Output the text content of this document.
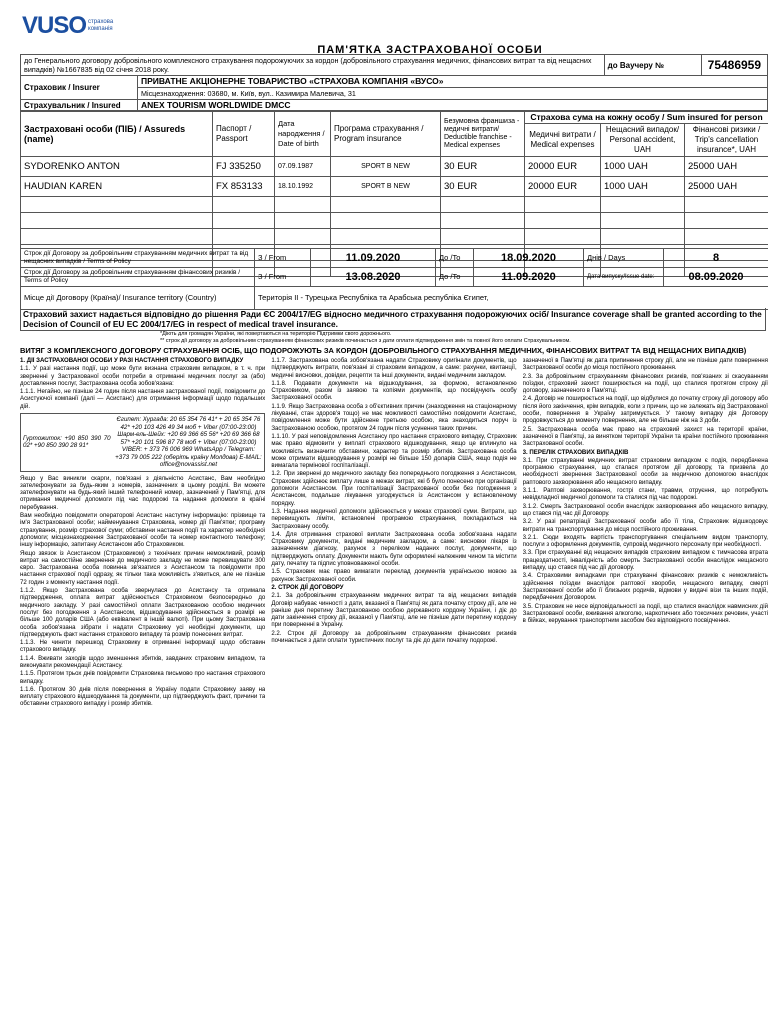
VUSO страхова компанія
ПАМ'ЯТКА ЗАСТРАХОВАНОЇ ОСОБИ
до Генерального договору добровільного комплексного страхування подорожуючих за кордон (добровільного страхування медичних, фінансових витрат та від нещасних випадків) №1667835 від 02 січня 2018 року.		до Ваучеру №	75486959
Страховик / Insurer	ПРИВАТНЕ АКЦІОНЕРНЕ ТОВАРИСТВО «СТРАХОВА КОМПАНІЯ «ВУСО»		
	Місцезнаходження: 03680, м. Київ, вул.. Казимира Малевича, 31		
Страхувальник / Insured	ANEX TOURISM WORLDWIDE DMCC		
Застраховані особи (ПІБ) / Assureds (name)	Паспорт / Passport	Дата народження / Date of birth	Програма страхування / Program insurance	Безумовна франшиза - медичні витрати/ Deductible franchise - Medical expenses	Страхова сума на кожну особу / Sum insured for person		
					Медичні витрати / Medical expenses	Нещасний випадок/ Personal accident, UAH	Фінансові ризики / Trip's cancellation insurance*, UAH
SYDORENKO ANTON	FJ 335250	07.09.1987	SPORT B NEW	30 EUR	20000 EUR	1000 UAH	25000 UAH
HAUDIAN KAREN	FX 853133	18.10.1992	SPORT B NEW	30 EUR	20000 EUR	1000 UAH	25000 UAH

Строк дії Договору за добровільним страхуванням медичних витрат та від нещасних випадків / Terms of Policy	З / From	11.09.2020	До /To	18.09.2020	Днів / Days	8
Строк дії Договору за добровільним страхуванням фінансових ризиків / Terms of Policy	З / From	13.08.2020	До /To	11.09.2020	Дата випуску/Issue date:	08.09.2020
Місце дії Договору (Країна)/ Insurance territory (Country)	Територія ІІ - Турецька Республіка та Арабська республіка Єгипет,					
Страховий захист надається відповідно до рішення Ради ЄС 2004/17/EG відносно медичного страхування подорожуючих осіб/ Insurance coverage shall be granted according to the Decision of Council of EU EC 2004/17/EG in respect of medical travel insurance.
*Діють для громадян України, які повертаються на територію Підтримки свого дорожнього.
** строк дії договору за добровільним страхуванням фінансових ризиків починається з дати оплати підтвердження змін та повної його оплати Страхувальником.
ВИТЯГ З КОМПЛЕКСНОГО ДОГОВОРУ СТРАХУВАННЯ ОСІБ, ЩО ПОДОРОЖУЮТЬ ЗА КОРДОН (ДОБРОВІЛЬНОГО СТРАХУВАННЯ МЕДИЧНИХ, ФІНАНСОВИХ ВИТРАТ ТА ВІД НЕЩАСНИХ ВИПАДКІВ)

1. ДІЇ ЗАСТРАХОВАНОЇ ОСОБИ У РАЗІ НАСТАННЯ СТРАХОВОГО ВИПАДКУ

1.1. У разі настання події, що може бути визнана страховим випадком, в т. ч. при зверненні у Застрахованої особи потреби в отриманні медичних послуг за (або) доставлення послуг, Застрахована особа зобов'язана:

1.1.1. Негайно, не пізніше 24 годин після настання застрахованої події, повідомити до Асистуючої компанії (далі — Асистанс) для отримання інформації щодо подальших дій.

Гуртожиток: +90 850 390 70 02* +90 850 390 28 91*
Єгипет: Хургада: 20 65 354 76 41* + 20 65 354 76 42* +20 103 426 49 34 моб + Viber (07:00-23:00) Шарм-ель-Шейх: +20 69 366 65 56* +20 69 366 68 57* +20 101 596 87 78 моб + Viber (07:00-23:00) VIBER: + 373 76 006 969 WhatsApp / Telegram: +373 79 005 222 (оберіть країну Молдова) E-MAIL: office@novassist.net

Якщо у Вас виникли скарги, пов'язані з діяльністю Асистанс, Вам необхідно зателефонувати за будь-яким з номерів, зазначених в цьому розділі. Ви можете зателефонувати на будь-який інший телефонний номер, зазначений у Пам'ятці, для отримання медичної допомоги під час подорожі та надання допомоги в країні перебування.

Вам необхідно повідомити операторові Асистанс наступну інформацію: прізвище та ім'я Застрахованої особи; найменування Страховика, номер дії Пам'ятки; програму страхування, розмір страхової суми; обставини настання події та характер необхідної допомоги; місцезнаходження Застрахованої особи та номер контактного телефону; іншу інформацію, запитану Асистансом або Страховиком.

Якщо звязок із Асистансом (Страховиком) з технічних причин неможливий, розмір витрат на самостійне звернення до медичного закладу не може перевищувати 300 євро. Застрахована особа повинна зв'язатися з Асистансом та повідомити про настання страхової події одразу, як тільки така можливість з'явиться, але не пізніше 72 годин з моменту настання події.

1.1.2. Якщо Застрахована особа звернулася до Асистансу та отримала підтвердження, оплата витрат здійснюється Страховиком безпосередньо до медичного закладу. У разі самостійної оплати Застрахованою особою медичних послуг без погодження з Асистансом, відшкодування здійснюється в розмірі не більше 100 доларів США (або еквівалент в іншій валюті). При цьому Застрахована особа зобов'язана зібрати і надати Страховику усі необхідні документи, що підтверджують факт настання страхового випадку та розмір понесених витрат.

1.1.3. Не чинити перешкод Страховику в отриманні інформації щодо обставин страхового випадку.

1.1.4. Вживати заходів щодо зменшення збитків, завданих страховим випадком, та виконувати рекомендації Асистансу.

1.1.5. Протягом трьох днів повідомити Страховика письмово про настання страхового випадку.

1.1.6. Протягом 30 днів після повернення в Україну подати Страховику заяву на виплату страхового відшкодування та документи, що підтверджують факт, причини та обставини страхового випадку і розмір збитків.

1.1.7. Застрахована особа зобов'язана надати Страховику оригінали документів, що підтверджують витрати, пов'язані зі страховим випадком, а саме: рахунки, квитанції, медичні висновки, довідки, рецепти та інші документи, видані медичним закладом.

1.1.8. Подавати документи на відшкодування, за формою, встановленою Страховиком, разом із заявою та копіями документів, що посвідчують особу Застрахованої особи.

1.1.9. Якщо Застрахована особа з об'єктивних причин (знаходження на стаціонарному лікуванні, стан здоров'я тощо) не має можливості самостійно повідомити Асистанс, повідомлення може бути здійснене третьою особою, яка знаходиться поруч із Застрахованою особою, протягом 24 годин після усунення таких причин.

1.1.10. У разі неповідомлення Асистансу про настання страхового випадку, Страховик має право відмовити у виплаті страхового відшкодування, якщо це вплинуло на можливість визначити обставини, характер та розмір збитків. Застрахована особа може отримати відшкодування у розмірі не більше 150 доларів США, якщо подія не вимагала термінової госпіталізації.

1.2. При звернені до медичного закладу без попереднього погодження з Асистансом, Страховик здійснює виплату лише в межах витрат, які б було понесено при організації допомоги Асистансом. При госпіталізації Застрахованої особи без погодження з Асистансом, подальше лікування узгоджується із Асистансом у встановленому порядку.

1.3. Надання медичної допомоги здійснюється у межах страхової суми. Витрати, що перевищують ліміти, встановлені програмою страхування, покладаються на Застраховану особу.

1.4. Для отримання страхової виплати Застрахована особа зобов'язана надати Страховику документи, видані медичним закладом, а саме: висновки лікаря із зазначенням діагнозу, рахунок з переліком наданих послуг, документи, що підтверджують оплату. Документи мають бути оформлені належним чином та містити дату, печатку та підпис уповноваженої особи.

1.5. Страховик має право вимагати переклад документів українською мовою за рахунок Застрахованої особи.

2. СТРОК ДІЇ ДОГОВОРУ

2.1. За добровільним страхуванням медичних витрат та від нещасних випадків Договір набуває чинності з дати, вказаної в Пам'ятці як дата початку строку дії, але не раніше дня перетину Застрахованою особою державного кордону України, і діє до дати закінчення строку дії, вказаної у Пам'ятці, але не пізніше дати перетину кордону при поверненні в Україну.

2.2. Строк дії Договору за добровільним страхуванням фінансових ризиків починається з дати оплати туристичних послуг та діє до дати початку подорожі.

зазначеної в Пам'ятці як дата припинення строку дії, але не пізніше дати повернення Застрахованої особи до місця постійного проживання.

2.3. За добровільним страхуванням фінансових ризиків, пов'язаних зі скасуванням поїздки, страховий захист поширюється на події, що сталися протягом строку дії договору, зазначеного в Пам'ятці.

2.4. Договір не поширюється на події, що відбулися до початку строку дії договору або після його закінчення, крім випадків, коли з причин, що не залежать від Застрахованої особи, повернення в Україну затримується. У такому випадку дія Договору продовжується до моменту повернення, але не більше ніж на 3 доби.

2.5. Застрахована особа має право на страховий захист на території країни, зазначеної в Пам'ятці, за винятком території України та країни постійного проживання Застрахованої особи.

3. ПЕРЕЛІК СТРАХОВИХ ВИПАДКІВ

3.1. При страхуванні медичних витрат страховим випадком є подія, передбачена програмою страхування, що сталася протягом дії договору, та призвела до необхідності звернення Застрахованої особи за медичною допомогою внаслідок раптового захворювання або нещасного випадку.

3.1.1. Раптові захворювання, гострі стани, травми, отруєння, що потребують невідкладної медичної допомоги та сталися під час подорожі.

3.1.2. Смерть Застрахованої особи внаслідок захворювання або нещасного випадку, що стався під час дії Договору.

3.2. У разі репатріації Застрахованої особи або її тіла, Страховик відшкодовує витрати на транспортування до місця постійного проживання.

3.2.1. Сюди входять вартість транспортування спеціальним видом транспорту, послуги з оформлення документів, супровід медичного персоналу при необхідності.

3.3. При страхуванні від нещасних випадків страховим випадком є тимчасова втрата працездатності, інвалідність або смерть Застрахованої особи внаслідок нещасного випадку, що стався під час дії договору.

3.4. Страховими випадками при страхуванні фінансових ризиків є неможливість здійснення поїздки внаслідок раптової хвороби, нещасного випадку, смерті Застрахованої особи або її близьких родичів, відмови у видачі візи та інших подій, передбачених Договором.

3.5. Страховик не несе відповідальності за події, що сталися внаслідок навмисних дій Застрахованої особи, вживання алкоголю, наркотичних або токсичних речовин, участі в бійках, керування транспортним засобом без відповідного посвідчення.
